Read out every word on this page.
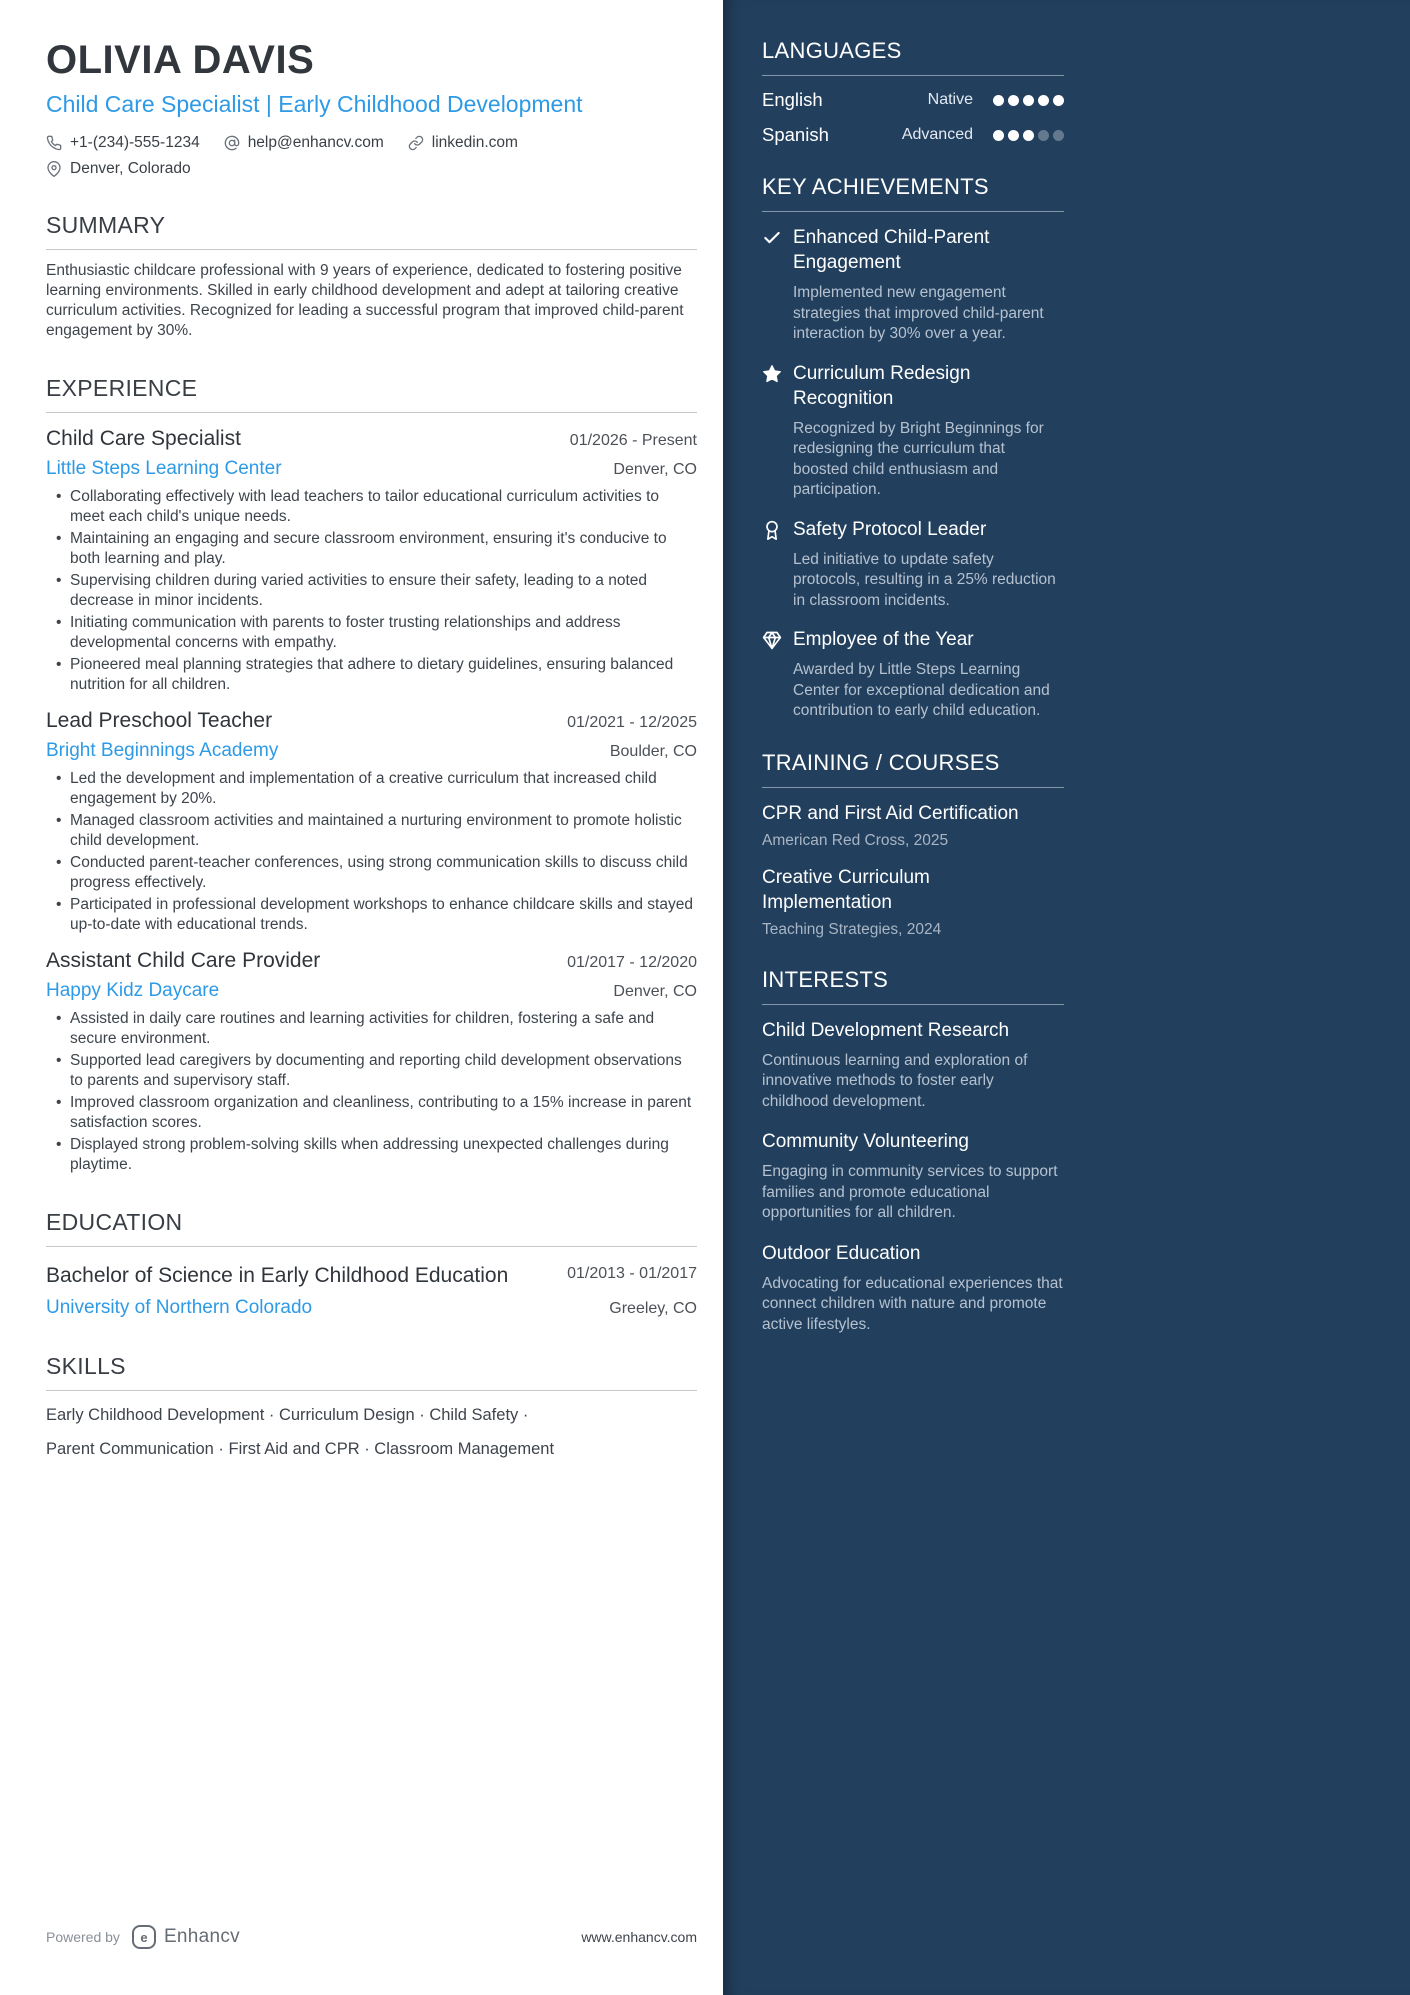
OLIVIA DAVIS
Child Care Specialist | Early Childhood Development
+1-(234)-555-1234	help@enhancv.com	linkedin.com
Denver, Colorado
SUMMARY
Enthusiastic childcare professional with 9 years of experience, dedicated to fostering positive learning environments. Skilled in early childhood development and adept at tailoring creative curriculum activities. Recognized for leading a successful program that improved child-parent engagement by 30%.
EXPERIENCE
Child Care Specialist	01/2026 - Present
Little Steps Learning Center	Denver, CO
• Collaborating effectively with lead teachers to tailor educational curriculum activities to meet each child's unique needs.
• Maintaining an engaging and secure classroom environment, ensuring it's conducive to both learning and play.
• Supervising children during varied activities to ensure their safety, leading to a noted decrease in minor incidents.
• Initiating communication with parents to foster trusting relationships and address developmental concerns with empathy.
• Pioneered meal planning strategies that adhere to dietary guidelines, ensuring balanced nutrition for all children.
Lead Preschool Teacher	01/2021 - 12/2025
Bright Beginnings Academy	Boulder, CO
• Led the development and implementation of a creative curriculum that increased child engagement by 20%.
• Managed classroom activities and maintained a nurturing environment to promote holistic child development.
• Conducted parent-teacher conferences, using strong communication skills to discuss child progress effectively.
• Participated in professional development workshops to enhance childcare skills and stayed up-to-date with educational trends.
Assistant Child Care Provider	01/2017 - 12/2020
Happy Kidz Daycare	Denver, CO
• Assisted in daily care routines and learning activities for children, fostering a safe and secure environment.
• Supported lead caregivers by documenting and reporting child development observations to parents and supervisory staff.
• Improved classroom organization and cleanliness, contributing to a 15% increase in parent satisfaction scores.
• Displayed strong problem-solving skills when addressing unexpected challenges during playtime.
EDUCATION
Bachelor of Science in Early Childhood Education	01/2013 - 01/2017
University of Northern Colorado	Greeley, CO
SKILLS
Early Childhood Development · Curriculum Design · Child Safety ·
Parent Communication · First Aid and CPR · Classroom Management
Powered by	e Enhancv	www.enhancv.com
LANGUAGES
English	Native
Spanish	Advanced
KEY ACHIEVEMENTS
Enhanced Child-Parent Engagement
Implemented new engagement strategies that improved child-parent interaction by 30% over a year.
Curriculum Redesign Recognition
Recognized by Bright Beginnings for redesigning the curriculum that boosted child enthusiasm and participation.
Safety Protocol Leader
Led initiative to update safety protocols, resulting in a 25% reduction in classroom incidents.
Employee of the Year
Awarded by Little Steps Learning Center for exceptional dedication and contribution to early child education.
TRAINING / COURSES
CPR and First Aid Certification
American Red Cross, 2025
Creative Curriculum Implementation
Teaching Strategies, 2024
INTERESTS
Child Development Research
Continuous learning and exploration of innovative methods to foster early childhood development.
Community Volunteering
Engaging in community services to support families and promote educational opportunities for all children.
Outdoor Education
Advocating for educational experiences that connect children with nature and promote active lifestyles.
